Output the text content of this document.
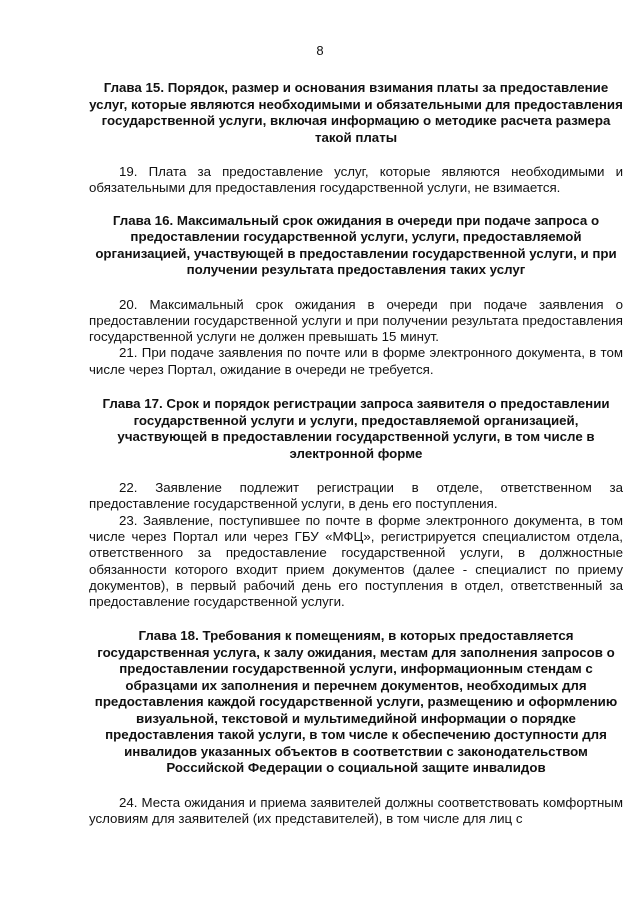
8
Глава 15. Порядок, размер и основания взимания платы за предоставление услуг, которые являются необходимыми и обязательными для предоставления государственной услуги, включая информацию о методике расчета размера такой платы

19. Плата за предоставление услуг, которые являются необходимыми и обязательными для предоставления государственной услуги, не взимается.

Глава 16. Максимальный срок ожидания в очереди при подаче запроса о предоставлении государственной услуги, услуги, предоставляемой организацией, участвующей в предоставлении государственной услуги, и при получении результата предоставления таких услуг

20. Максимальный срок ожидания в очереди при подаче заявления о предоставлении государственной услуги и при получении результата предоставления государственной услуги не должен превышать 15 минут.

21. При подаче заявления по почте или в форме электронного документа, в том числе через Портал, ожидание в очереди не требуется.

Глава 17. Срок и порядок регистрации запроса заявителя о предоставлении государственной услуги и услуги, предоставляемой организацией, участвующей в предоставлении государственной услуги, в том числе в электронной форме

22. Заявление подлежит регистрации в отделе, ответственном за предоставление государственной услуги, в день его поступления.

23. Заявление, поступившее по почте в форме электронного документа, в том числе через Портал или через ГБУ «МФЦ», регистрируется специалистом отдела, ответственного за предоставление государственной услуги, в должностные обязанности которого входит прием документов (далее - специалист по приему документов), в первый рабочий день его поступления в отдел, ответственный за предоставление государственной услуги.

Глава 18. Требования к помещениям, в которых предоставляется государственная услуга, к залу ожидания, местам для заполнения запросов о предоставлении государственной услуги, информационным стендам с образцами их заполнения и перечнем документов, необходимых для предоставления каждой государственной услуги, размещению и оформлению визуальной, текстовой и мультимедийной информации о порядке предоставления такой услуги, в том числе к обеспечению доступности для инвалидов указанных объектов в соответствии с законодательством Российской Федерации о социальной защите инвалидов

24. Места ожидания и приема заявителей должны соответствовать комфортным условиям для заявителей (их представителей), в том числе для лиц с
